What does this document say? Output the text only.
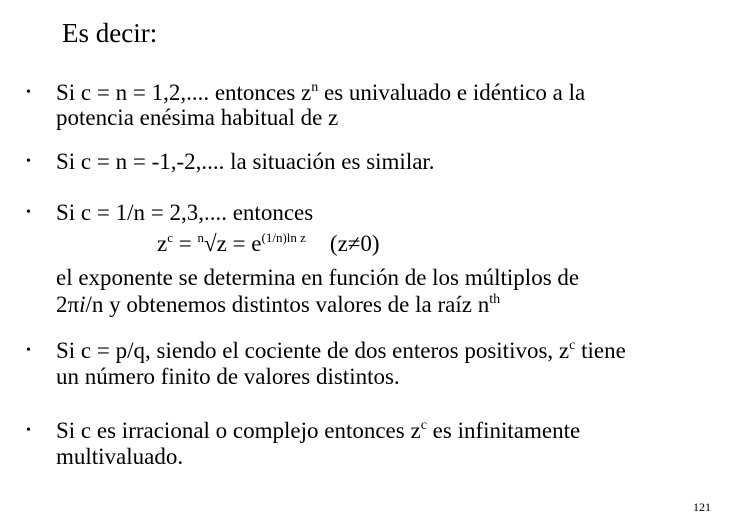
Es decir:
• Si c = n = 1,2,.... entonces $z^n$ es univaluado e idéntico a la
potencia enésima habitual de z
• Si c = n = -1,-2,.... la situación es similar.
• Si c = 1/n = 2,3,.... entonces
$z^c = ^n√z = e^{(1/n)ln z}$ (z≠0)
el exponente se determina en función de los múltiplos de
2πi/n y obtenemos distintos valores de la raíz $n^{th}$
• Si c = p/q, siendo el cociente de dos enteros positivos, $z^c$ tiene
un número finito de valores distintos.
• Si c es irracional o complejo entonces $z^c$ es infinitamente
multivaluado.
121
